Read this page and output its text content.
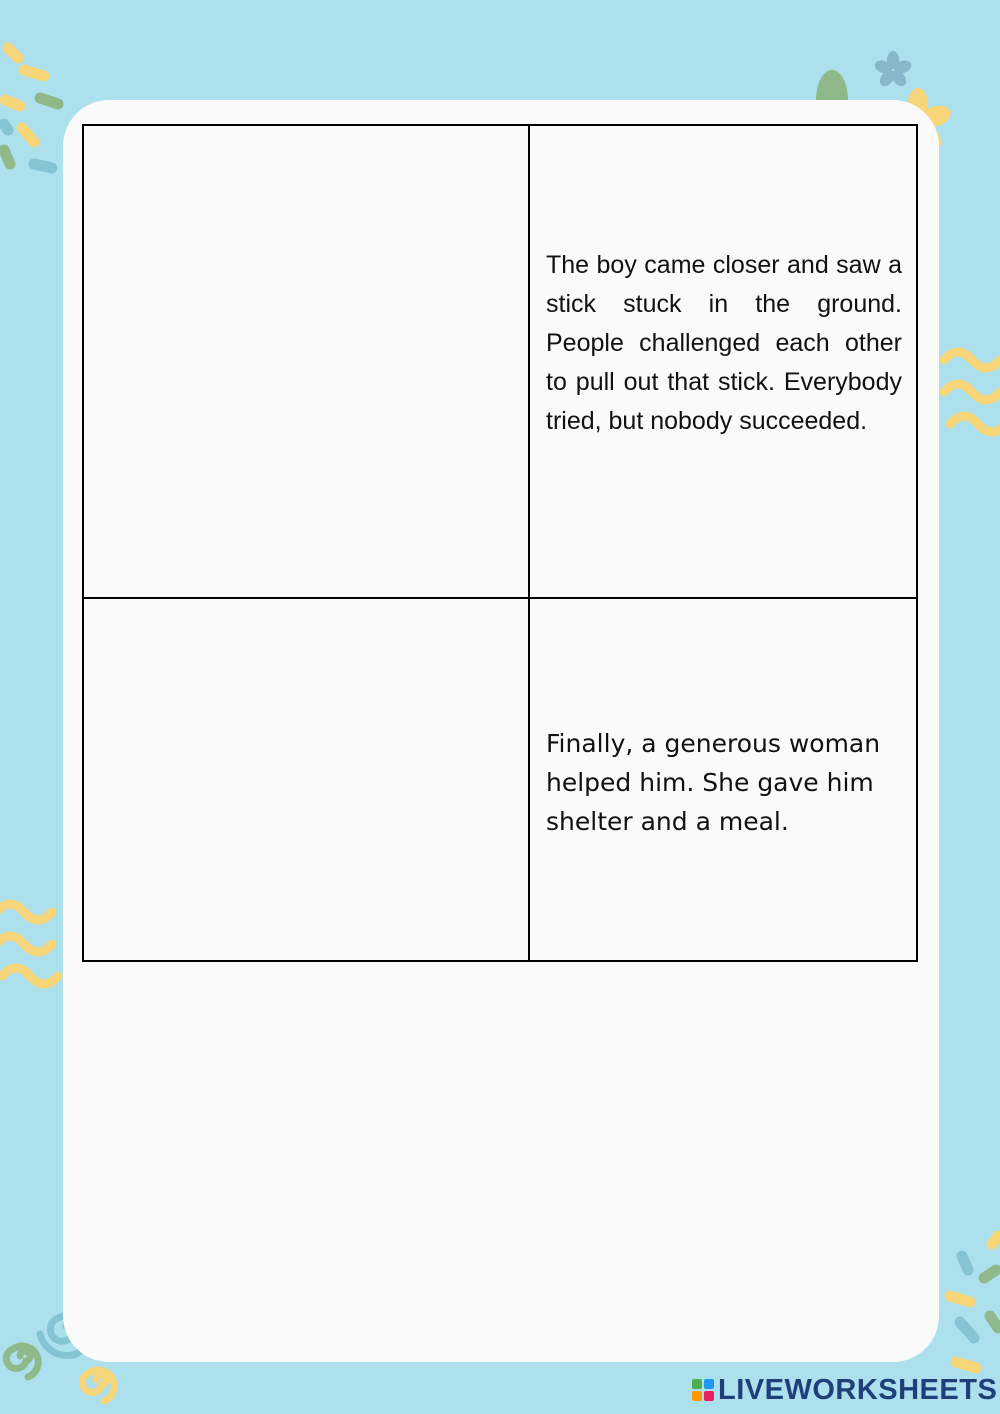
The boy came closer and saw a stick stuck in the ground. People challenged each other to pull out that stick. Everybody tried, but nobody succeeded.
Finally, a generous woman helped him. She gave him shelter and a meal.
LIVEWORKSHEETS
